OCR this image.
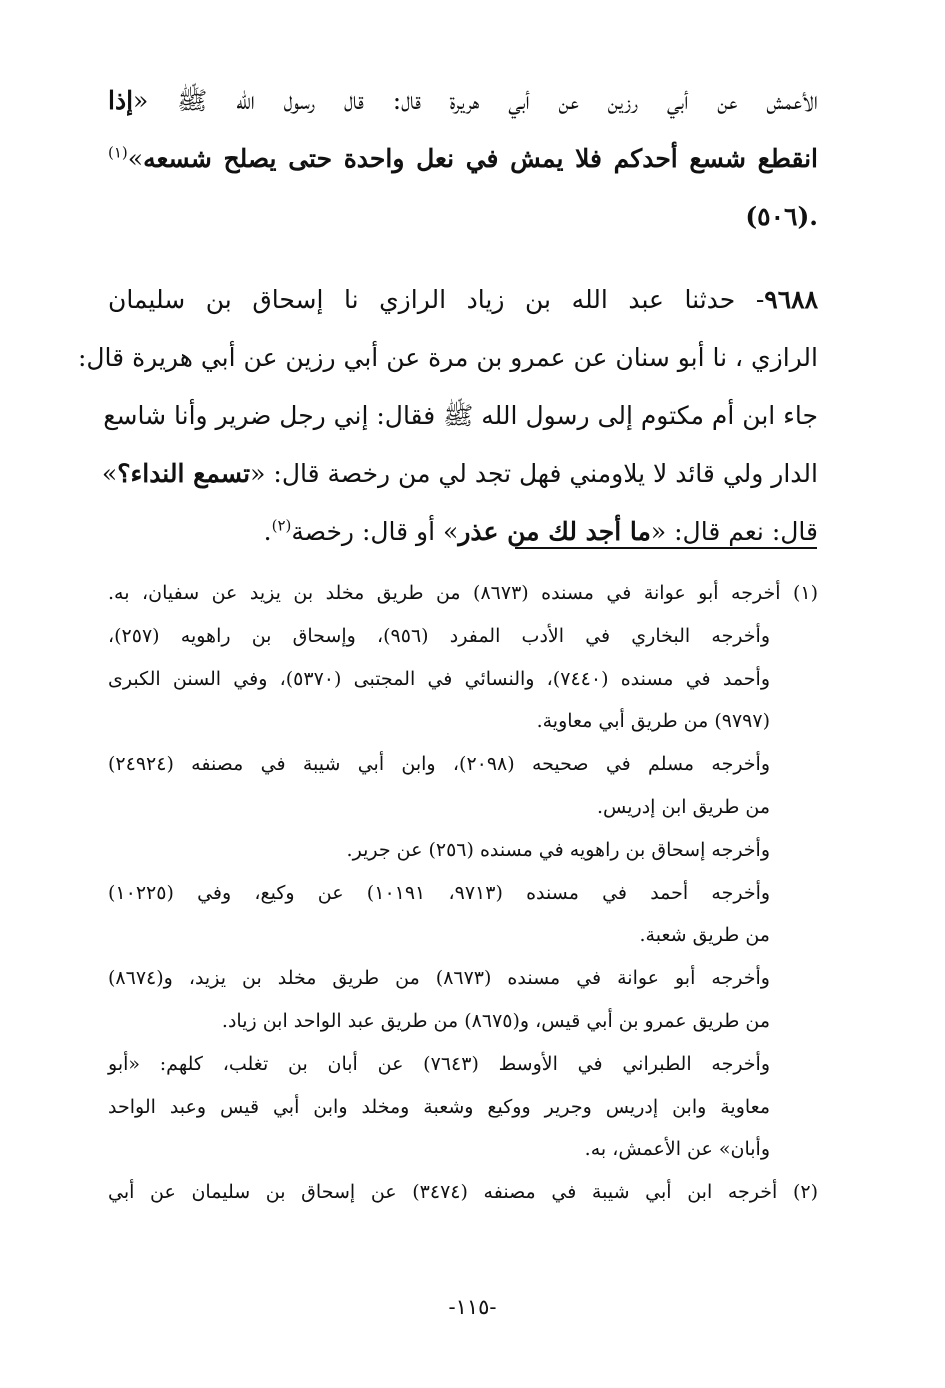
الأعمش عن أبي رزين عن أبي هريرة قال: قال رسول الله ﷺ «إذا
انقطع شسع أحدكم فلا يمش في نعل واحدة حتى يصلح شسعه»$^{(١)}$
.(٥٠٦)
٩٦٨٨- حدثنا عبد الله بن زياد الرازي نا إسحاق بن سليمان
الرازي ، نا أبو سنان عن عمرو بن مرة عن أبي رزين عن أبي هريرة قال:
جاء ابن أم مكتوم إلى رسول الله ﷺ فقال: إني رجل ضرير وأنا شاسع
الدار ولي قائد لا يلاومني فهل تجد لي من رخصة قال: «تسمع النداء؟»
قال: نعم قال: «ما أجد لك من عذر» أو قال: رخصة$^{(٢)}$.
(١) أخرجه أبو عوانة في مسنده (٨٦٧٣) من طريق مخلد بن يزيد عن سفيان، به.
وأخرجه البخاري في الأدب المفرد (٩٥٦)، وإسحاق بن راهويه (٢٥٧)،
وأحمد في مسنده (٧٤٤٠)، والنسائي في المجتبى (٥٣٧٠)، وفي السنن الكبرى
(٩٧٩٧) من طريق أبي معاوية.
وأخرجه مسلم في صحيحه (٢٠٩٨)، وابن أبي شيبة في مصنفه (٢٤٩٢٤)
من طريق ابن إدريس.
وأخرجه إسحاق بن راهويه في مسنده (٢٥٦) عن جرير.
وأخرجه أحمد في مسنده (٩٧١٣، ١٠١٩١) عن وكيع، وفي (١٠٢٢٥)
من طريق شعبة.
وأخرجه أبو عوانة في مسنده (٨٦٧٣) من طريق مخلد بن يزيد، و(٨٦٧٤)
من طريق عمرو بن أبي قيس، و(٨٦٧٥) من طريق عبد الواحد ابن زياد.
وأخرجه الطبراني في الأوسط (٧٦٤٣) عن أبان بن تغلب، كلهم: «أبو
معاوية وابن إدريس وجرير ووكيع وشعبة ومخلد وابن أبي قيس وعبد الواحد
وأبان» عن الأعمش، به.
(٢) أخرجه ابن أبي شيبة في مصنفه (٣٤٧٤) عن إسحاق بن سليمان عن أبي
-١١٥-
